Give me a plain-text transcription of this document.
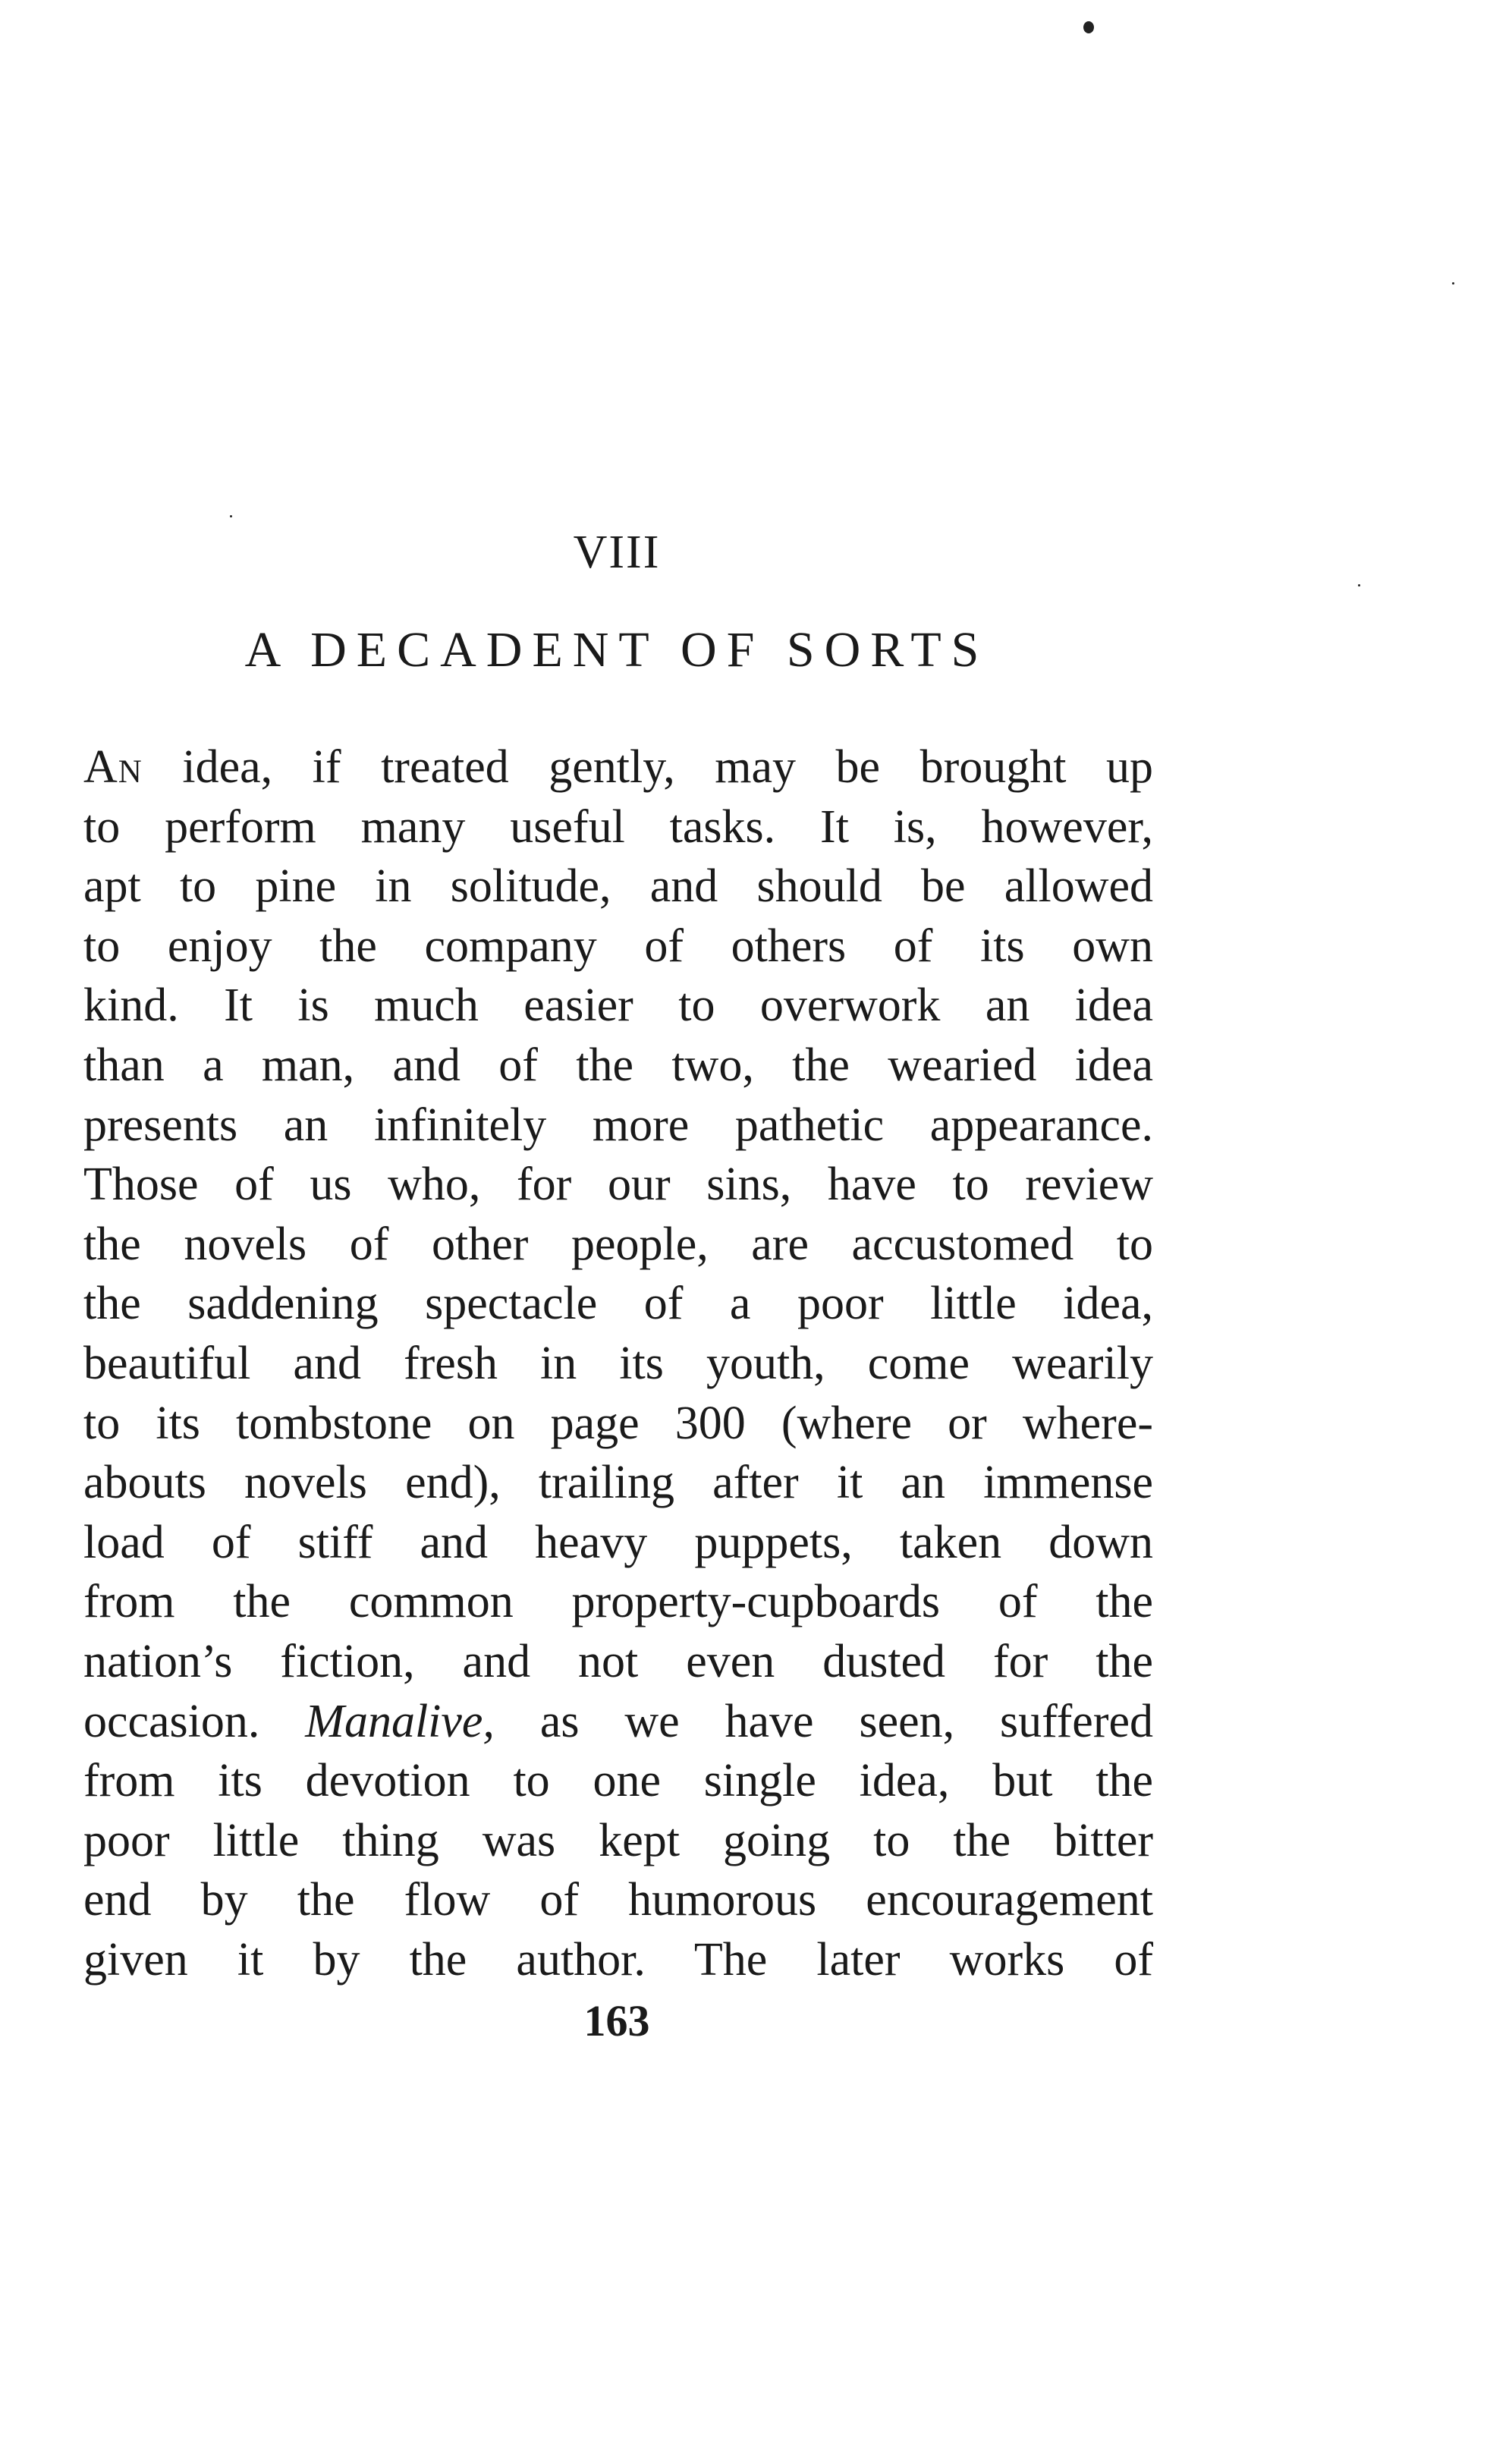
VIII
A DECADENT OF SORTS
An idea, if treated gently, may be brought up
to perform many useful tasks. It is, however,
apt to pine in solitude, and should be allowed
to enjoy the company of others of its own
kind. It is much easier to overwork an idea
than a man, and of the two, the wearied idea
presents an infinitely more pathetic appearance.
Those of us who, for our sins, have to review
the novels of other people, are accustomed to
the saddening spectacle of a poor little idea,
beautiful and fresh in its youth, come wearily
to its tombstone on page 300 (where or where-
abouts novels end), trailing after it an immense
load of stiff and heavy puppets, taken down
from the common property-cupboards of the
nation’s fiction, and not even dusted for the
occasion. Manalive, as we have seen, suffered
from its devotion to one single idea, but the
poor little thing was kept going to the bitter
end by the flow of humorous encouragement
given it by the author. The later works of
163
